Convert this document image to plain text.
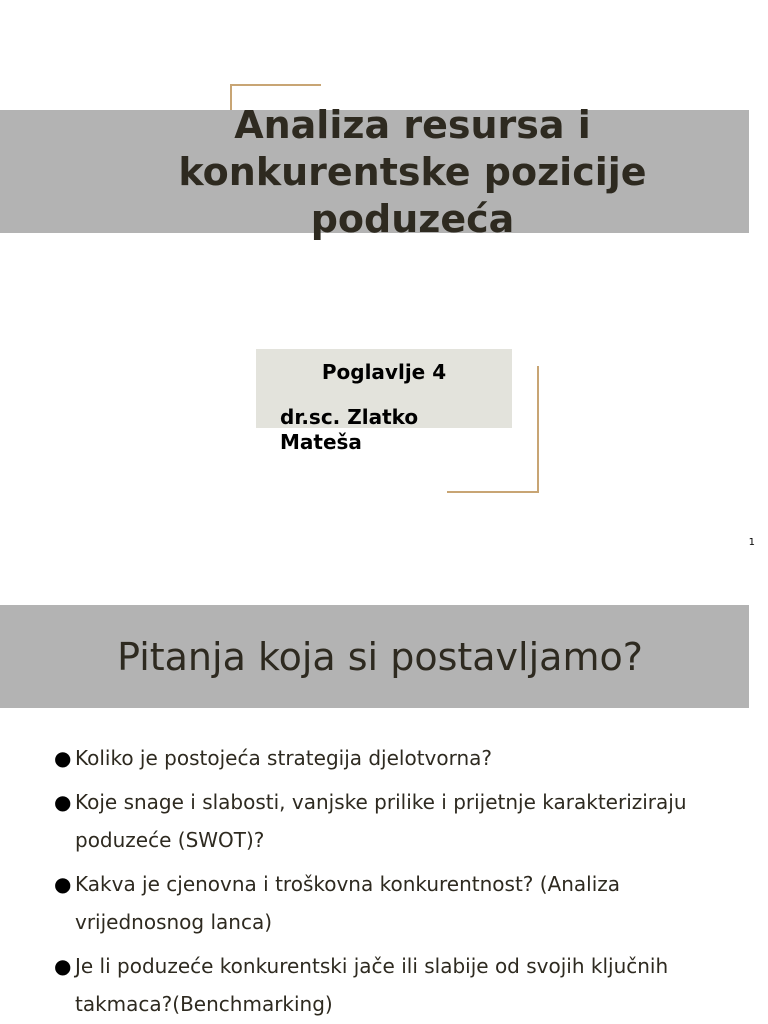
Analiza resursa i konkurentske pozicije poduzeća
Poglavlje 4
dr.sc. Zlatko Mateša
1
Pitanja koja si postavljamo?
● Koliko je postojeća strategija djelotvorna?
● Koje snage i slabosti, vanjske prilike i prijetnje karakteriziraju poduzeće (SWOT)?
● Kakva je cjenovna i troškovna konkurentnost? (Analiza vrijednosnog lanca)
● Je li poduzeće konkurentski jače ili slabije od svojih ključnih takmaca?(Benchmarking)
